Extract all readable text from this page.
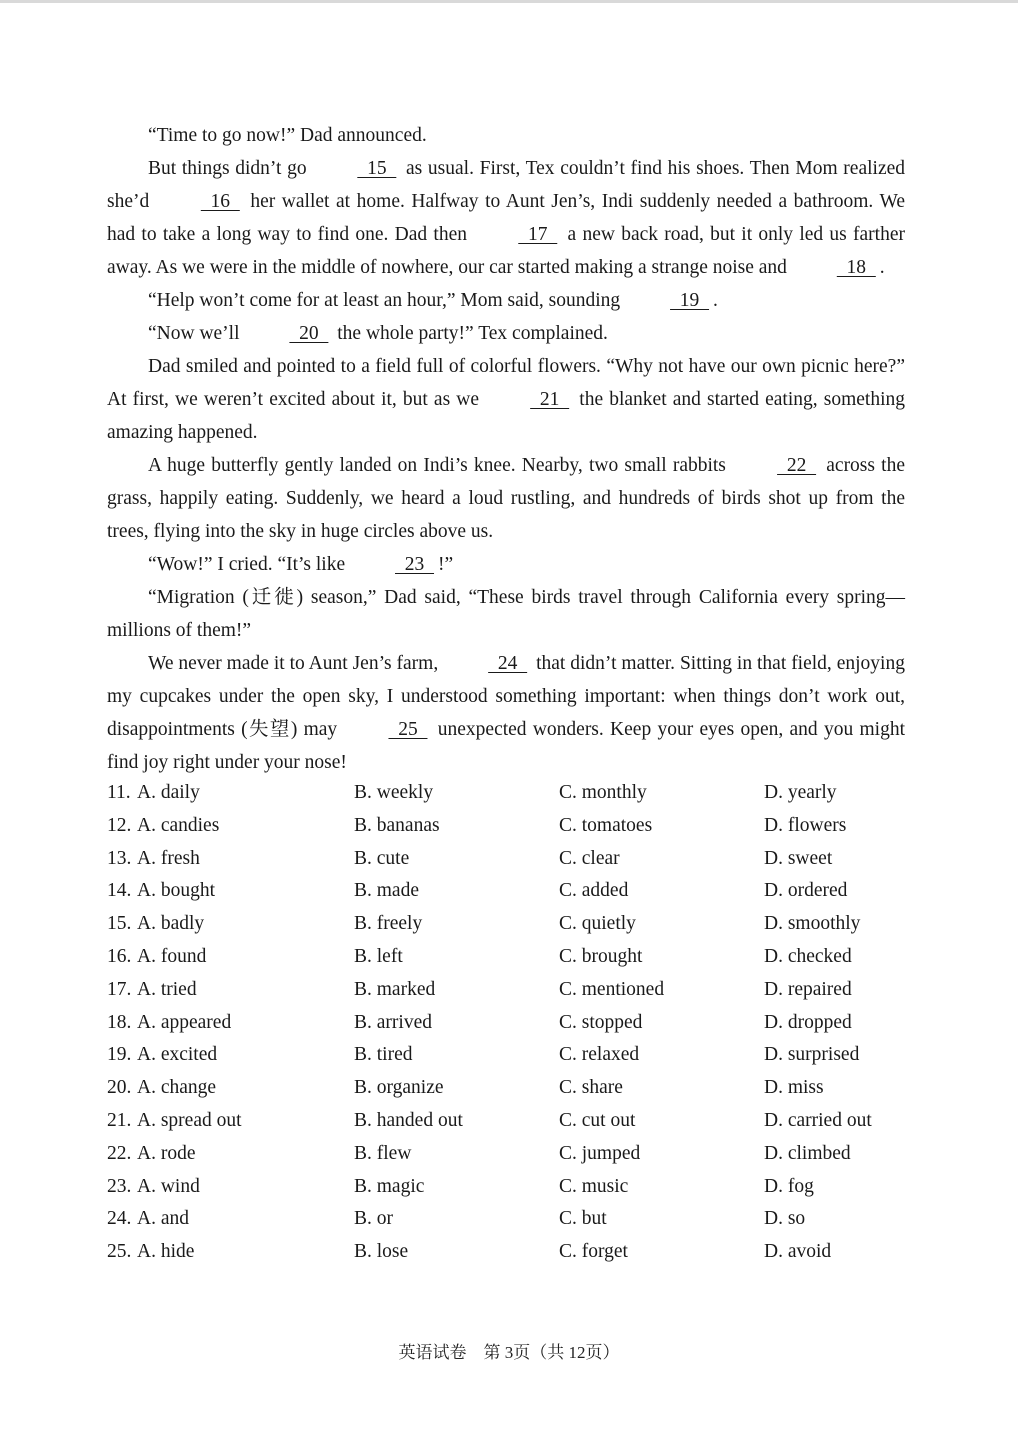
“Time to go now!” Dad announced.

But things didn’t go  15  as usual. First, Tex couldn’t find his shoes. Then Mom realized she’d  16  her wallet at home. Halfway to Aunt Jen’s, Indi suddenly needed a bathroom. We had to take a long way to find one. Dad then  17  a new back road, but it only led us farther away. As we were in the middle of nowhere, our car started making a strange noise and  18 .

“Help won’t come for at least an hour,” Mom said, sounding  19 .

“Now we’ll  20  the whole party!” Tex complained.

Dad smiled and pointed to a field full of colorful flowers. “Why not have our own picnic here?” At first, we weren’t excited about it, but as we  21  the blanket and started eating, something amazing happened.

A huge butterfly gently landed on Indi’s knee. Nearby, two small rabbits  22  across the grass, happily eating. Suddenly, we heard a loud rustling, and hundreds of birds shot up from the trees, flying into the sky in huge circles above us.

“Wow!” I cried. “It’s like  23 !”

“Migration (迁徙) season,” Dad said, “These birds travel through California every spring—millions of them!”

We never made it to Aunt Jen’s farm,  24  that didn’t matter. Sitting in that field, enjoying my cupcakes under the open sky, I understood something important: when things don’t work out, disappointments (失望) may  25  unexpected wonders. Keep your eyes open, and you might find joy right under your nose!

11. A. daily	B. weekly	C. monthly	D. yearly
12. A. candies	B. bananas	C. tomatoes	D. flowers
13. A. fresh	B. cute	C. clear	D. sweet
14. A. bought	B. made	C. added	D. ordered
15. A. badly	B. freely	C. quietly	D. smoothly
16. A. found	B. left	C. brought	D. checked
17. A. tried	B. marked	C. mentioned	D. repaired
18. A. appeared	B. arrived	C. stopped	D. dropped
19. A. excited	B. tired	C. relaxed	D. surprised
20. A. change	B. organize	C. share	D. miss
21. A. spread out	B. handed out	C. cut out	D. carried out
22. A. rode	B. flew	C. jumped	D. climbed
23. A. wind	B. magic	C. music	D. fog
24. A. and	B. or	C. but	D. so
25. A. hide	B. lose	C. forget	D. avoid
英语试卷　第 3页（共 12页）
